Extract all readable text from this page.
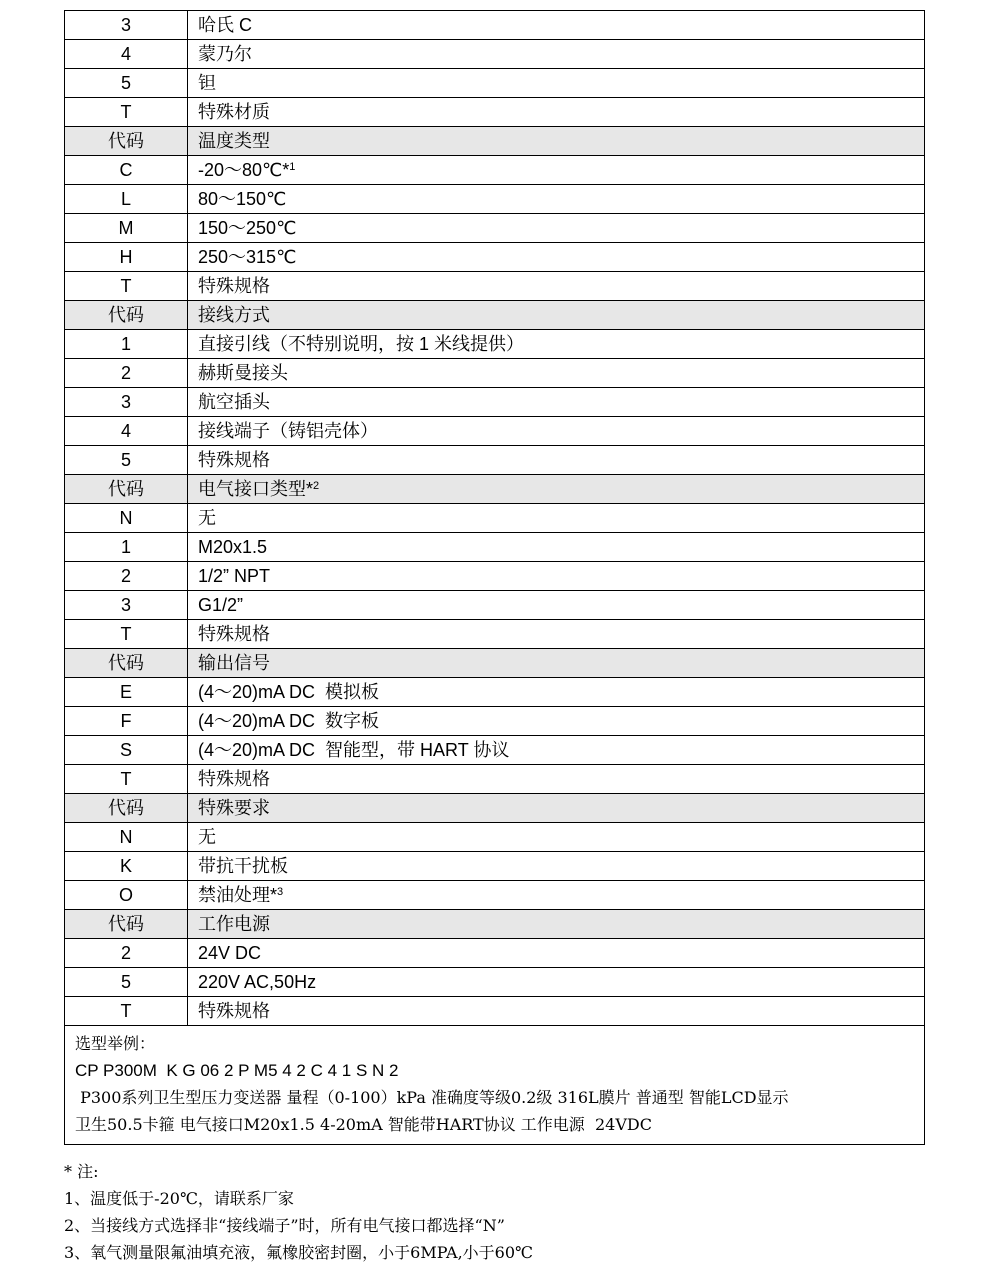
3	哈氏 C
4	蒙乃尔
5	钽
T	特殊材质
代码	温度类型
C	-20～80℃*$^1$
L	80～150℃
M	150～250℃
H	250～315℃
T	特殊规格
代码	接线方式
1	直接引线（不特别说明，按 1 米线提供）
2	赫斯曼接头
3	航空插头
4	接线端子（铸铝壳体）
5	特殊规格
代码	电气接口类型*$^2$
N	无
1	M20x1.5
2	1/2” NPT
3	G1/2”
T	特殊规格
代码	输出信号
E	(4～20)mA DC  模拟板
F	(4～20)mA DC  数字板
S	(4～20)mA DC  智能型，带 HART 协议
T	特殊规格
代码	特殊要求
N	无
K	带抗干扰板
O	禁油处理*$^3$
代码	工作电源
2	24V DC
5	220V AC,50Hz
T	特殊规格

选型举例：
CP P300M  K G 06 2 P M5 4 2 C 4 1 S N 2
P300系列卫生型压力变送器 量程（0-100）kPa 准确度等级0.2级 316L膜片 普通型 智能LCD显示
卫生50.5卡箍 电气接口M20x1.5 4-20mA 智能带HART协议 工作电源  24VDC	
* 注:
1、温度低于-20℃，请联系厂家
2、当接线方式选择非“接线端子”时，所有电气接口都选择“N”
3、氧气测量限氟油填充液，氟橡胶密封圈，小于6MPA,小于60℃
